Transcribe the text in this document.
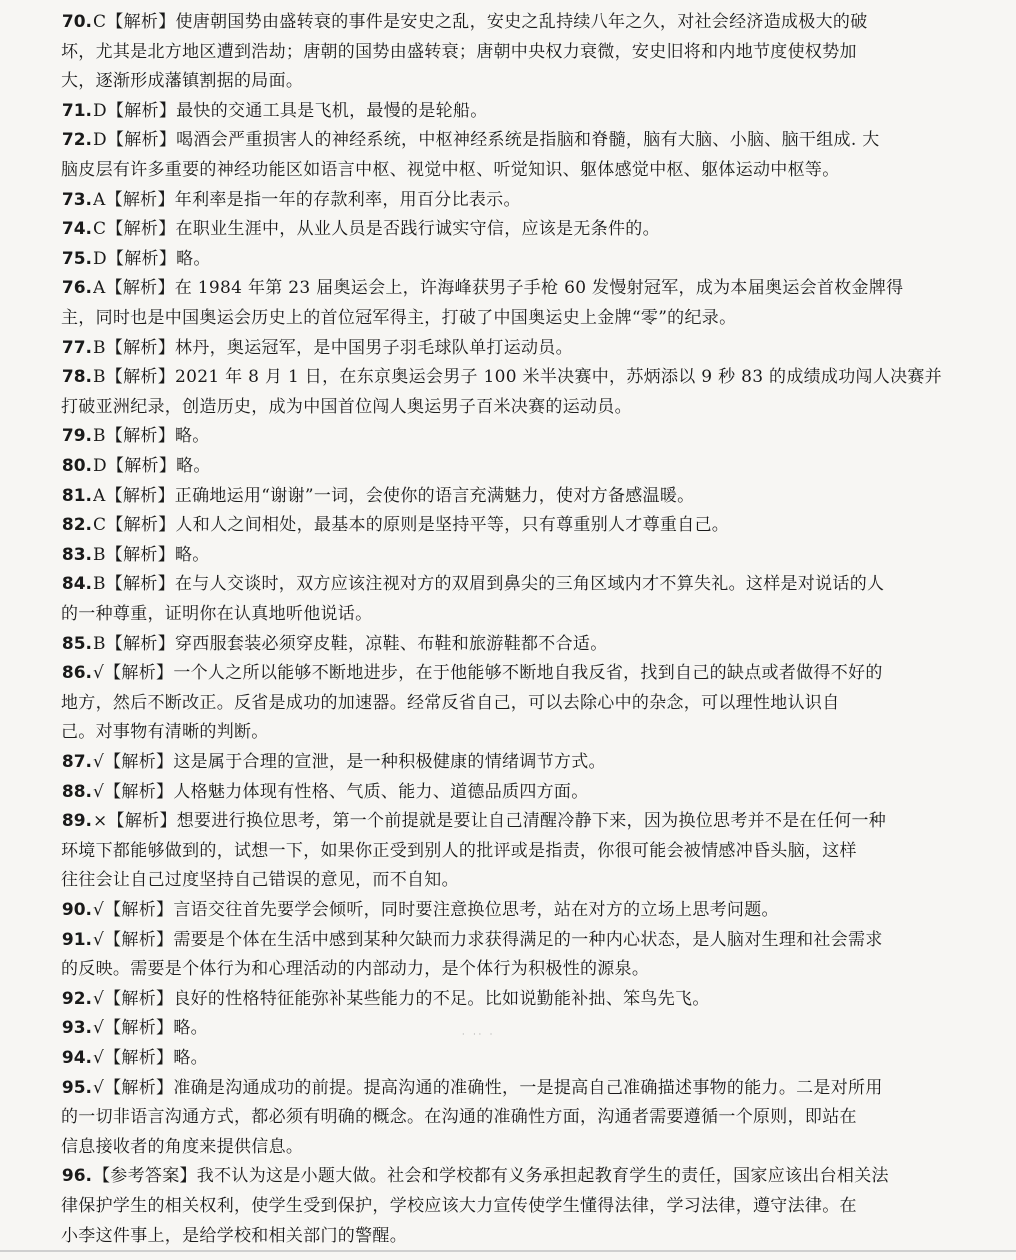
· ·· ·
70. C【解析】使唐朝国势由盛转衰的事件是安史之乱，安史之乱持续八年之久，对社会经济造成极大的破
坏，尤其是北方地区遭到浩劫；唐朝的国势由盛转衰；唐朝中央权力衰微，安史旧将和内地节度使权势加
大，逐渐形成藩镇割据的局面。
71. D【解析】最快的交通工具是飞机，最慢的是轮船。
72. D【解析】喝酒会严重损害人的神经系统，中枢神经系统是指脑和脊髓，脑有大脑、小脑、脑干组成. 大
脑皮层有许多重要的神经功能区如语言中枢、视觉中枢、听觉知识、躯体感觉中枢、躯体运动中枢等。
73. A【解析】年利率是指一年的存款利率，用百分比表示。
74. C【解析】在职业生涯中，从业人员是否践行诚实守信，应该是无条件的。
75. D【解析】略。
76. A【解析】在 1984 年第 23 届奥运会上，许海峰获男子手枪 60 发慢射冠军，成为本届奥运会首枚金牌得
主，同时也是中国奥运会历史上的首位冠军得主，打破了中国奥运史上金牌“零”的纪录。
77. B【解析】林丹，奥运冠军，是中国男子羽毛球队单打运动员。
78. B【解析】2021 年 8 月 1 日，在东京奥运会男子 100 米半决赛中，苏炳添以 9 秒 83 的成绩成功闯人决赛并
打破亚洲纪录，创造历史，成为中国首位闯人奥运男子百米决赛的运动员。
79. B【解析】略。
80. D【解析】略。
81. A【解析】正确地运用“谢谢”一词，会使你的语言充满魅力，使对方备感温暖。
82. C【解析】人和人之间相处，最基本的原则是坚持平等，只有尊重别人才尊重自己。
83. B【解析】略。
84. B【解析】在与人交谈时，双方应该注视对方的双眉到鼻尖的三角区域内才不算失礼。这样是对说话的人
的一种尊重，证明你在认真地听他说话。
85. B【解析】穿西服套装必须穿皮鞋，凉鞋、布鞋和旅游鞋都不合适。
86. √【解析】一个人之所以能够不断地进步，在于他能够不断地自我反省，找到自己的缺点或者做得不好的
地方，然后不断改正。反省是成功的加速器。经常反省自己，可以去除心中的杂念，可以理性地认识自
己。对事物有清晰的判断。
87. √【解析】这是属于合理的宣泄，是一种积极健康的情绪调节方式。
88. √【解析】人格魅力体现有性格、气质、能力、道德品质四方面。
89. ×【解析】想要进行换位思考，第一个前提就是要让自己清醒冷静下来，因为换位思考并不是在任何一种
环境下都能够做到的，试想一下，如果你正受到别人的批评或是指责，你很可能会被情感冲昏头脑，这样
往往会让自己过度坚持自己错误的意见，而不自知。
90. √【解析】言语交往首先要学会倾听，同时要注意换位思考，站在对方的立场上思考问题。
91. √【解析】需要是个体在生活中感到某种欠缺而力求获得满足的一种内心状态，是人脑对生理和社会需求
的反映。需要是个体行为和心理活动的内部动力，是个体行为积极性的源泉。
92. √【解析】良好的性格特征能弥补某些能力的不足。比如说勤能补拙、笨鸟先飞。
93. √【解析】略。
94. √【解析】略。
95. √【解析】准确是沟通成功的前提。提高沟通的准确性，一是提高自己准确描述事物的能力。二是对所用
的一切非语言沟通方式，都必须有明确的概念。在沟通的准确性方面，沟通者需要遵循一个原则，即站在
信息接收者的角度来提供信息。
96. 【参考答案】我不认为这是小题大做。社会和学校都有义务承担起教育学生的责任，国家应该出台相关法
律保护学生的相关权利，使学生受到保护，学校应该大力宣传使学生懂得法律，学习法律，遵守法律。在
小李这件事上，是给学校和相关部门的警醒。
